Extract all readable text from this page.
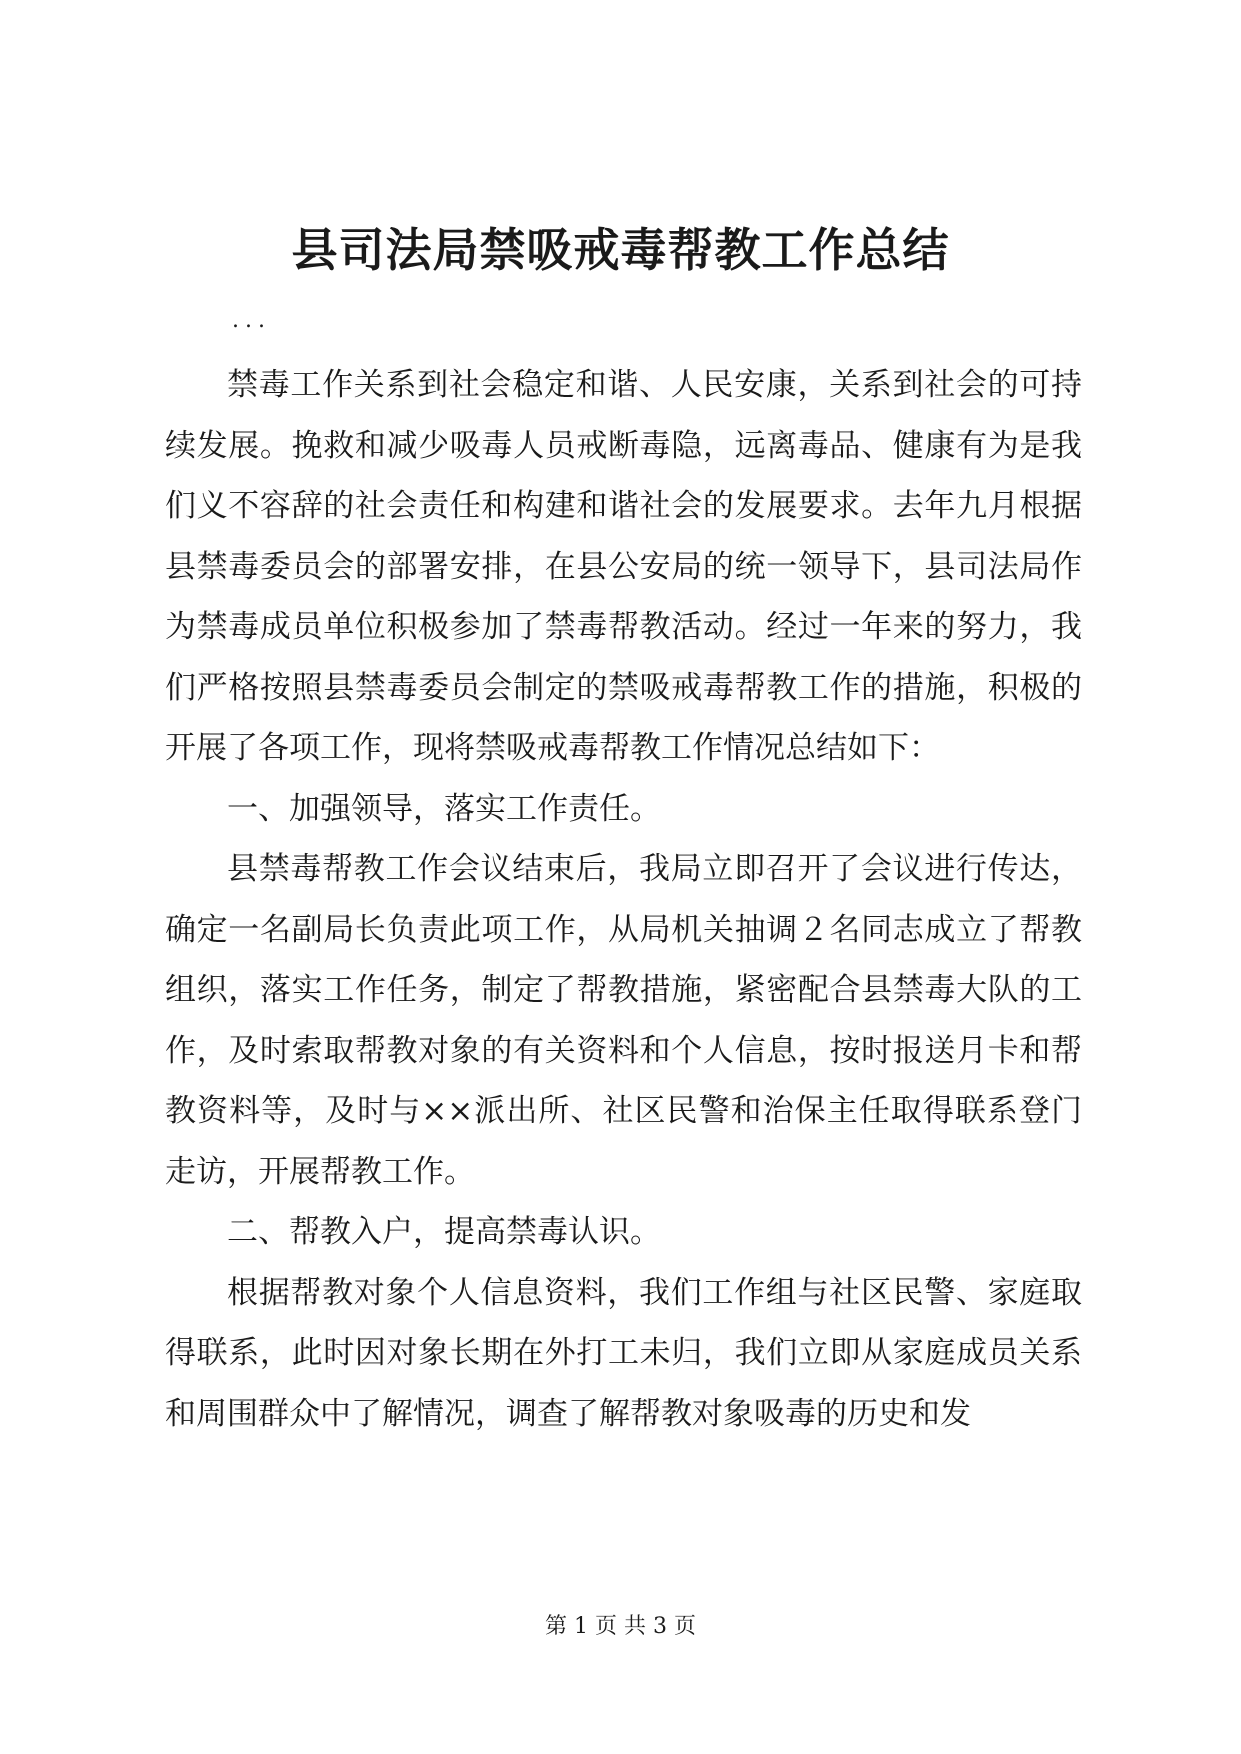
县司法局禁吸戒毒帮教工作总结
...

禁毒工作关系到社会稳定和谐、人民安康，关系到社会的可持续发展。挽救和减少吸毒人员戒断毒隐，远离毒品、健康有为是我们义不容辞的社会责任和构建和谐社会的发展要求。去年九月根据县禁毒委员会的部署安排，在县公安局的统一领导下，县司法局作为禁毒成员单位积极参加了禁毒帮教活动。经过一年来的努力，我们严格按照县禁毒委员会制定的禁吸戒毒帮教工作的措施，积极的开展了各项工作，现将禁吸戒毒帮教工作情况总结如下：

一、加强领导，落实工作责任。

县禁毒帮教工作会议结束后，我局立即召开了会议进行传达，确定一名副局长负责此项工作，从局机关抽调２名同志成立了帮教组织，落实工作任务，制定了帮教措施，紧密配合县禁毒大队的工作，及时索取帮教对象的有关资料和个人信息，按时报送月卡和帮教资料等，及时与××派出所、社区民警和治保主任取得联系登门走访，开展帮教工作。

二、帮教入户，提高禁毒认识。

根据帮教对象个人信息资料，我们工作组与社区民警、家庭取得联系，此时因对象长期在外打工未归，我们立即从家庭成员关系和周围群众中了解情况，调查了解帮教对象吸毒的历史和发

第 1 页 共 3 页
